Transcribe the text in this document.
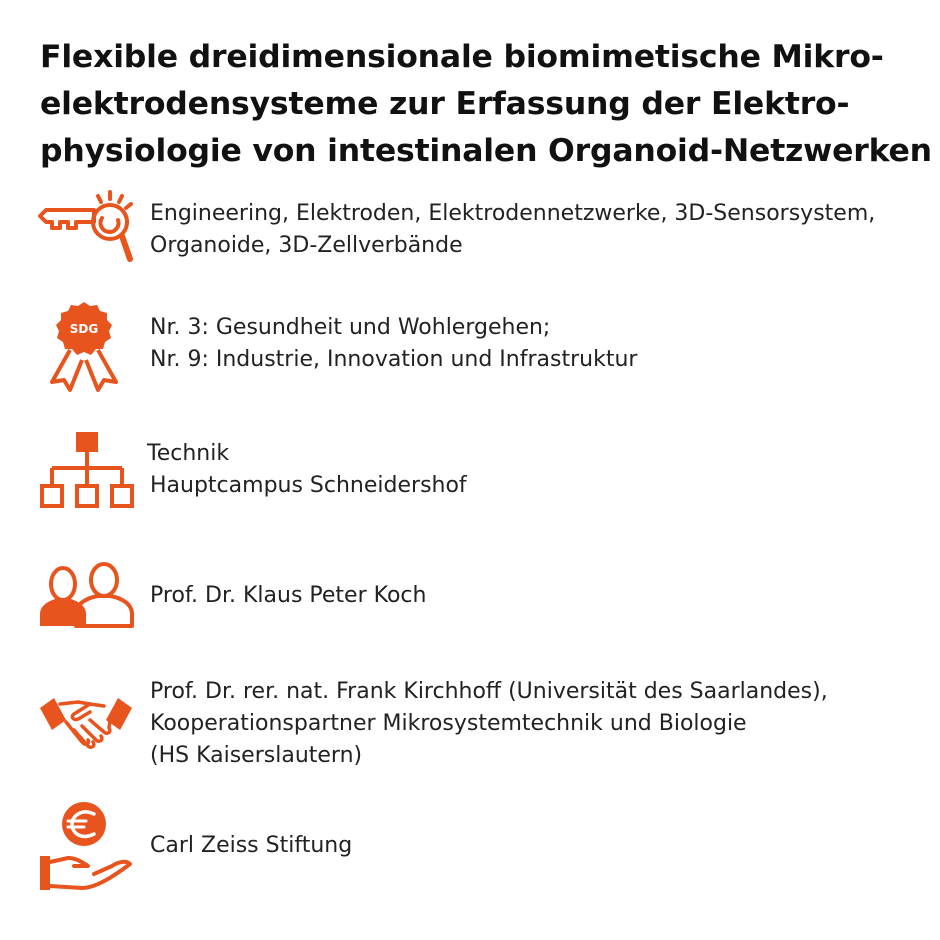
Flexible dreidimensionale biomimetische Mikro-
elektrodensysteme zur Erfassung der Elektro-
physiologie von intestinalen Organoid-Netzwerken
Engineering, Elektroden, Elektrodennetzwerke, 3D-Sensorsystem,
Organoide, 3D-Zellverbände
SDG Nr. 3: Gesundheit und Wohlergehen;
Nr. 9: Industrie, Innovation und Infrastruktur
Technik
Hauptcampus Schneidershof
Prof. Dr. Klaus Peter Koch
Prof. Dr. rer. nat. Frank Kirchhoff (Universität des Saarlandes),
Kooperationspartner Mikrosystemtechnik und Biologie
(HS Kaiserslautern)
Carl Zeiss Stiftung
